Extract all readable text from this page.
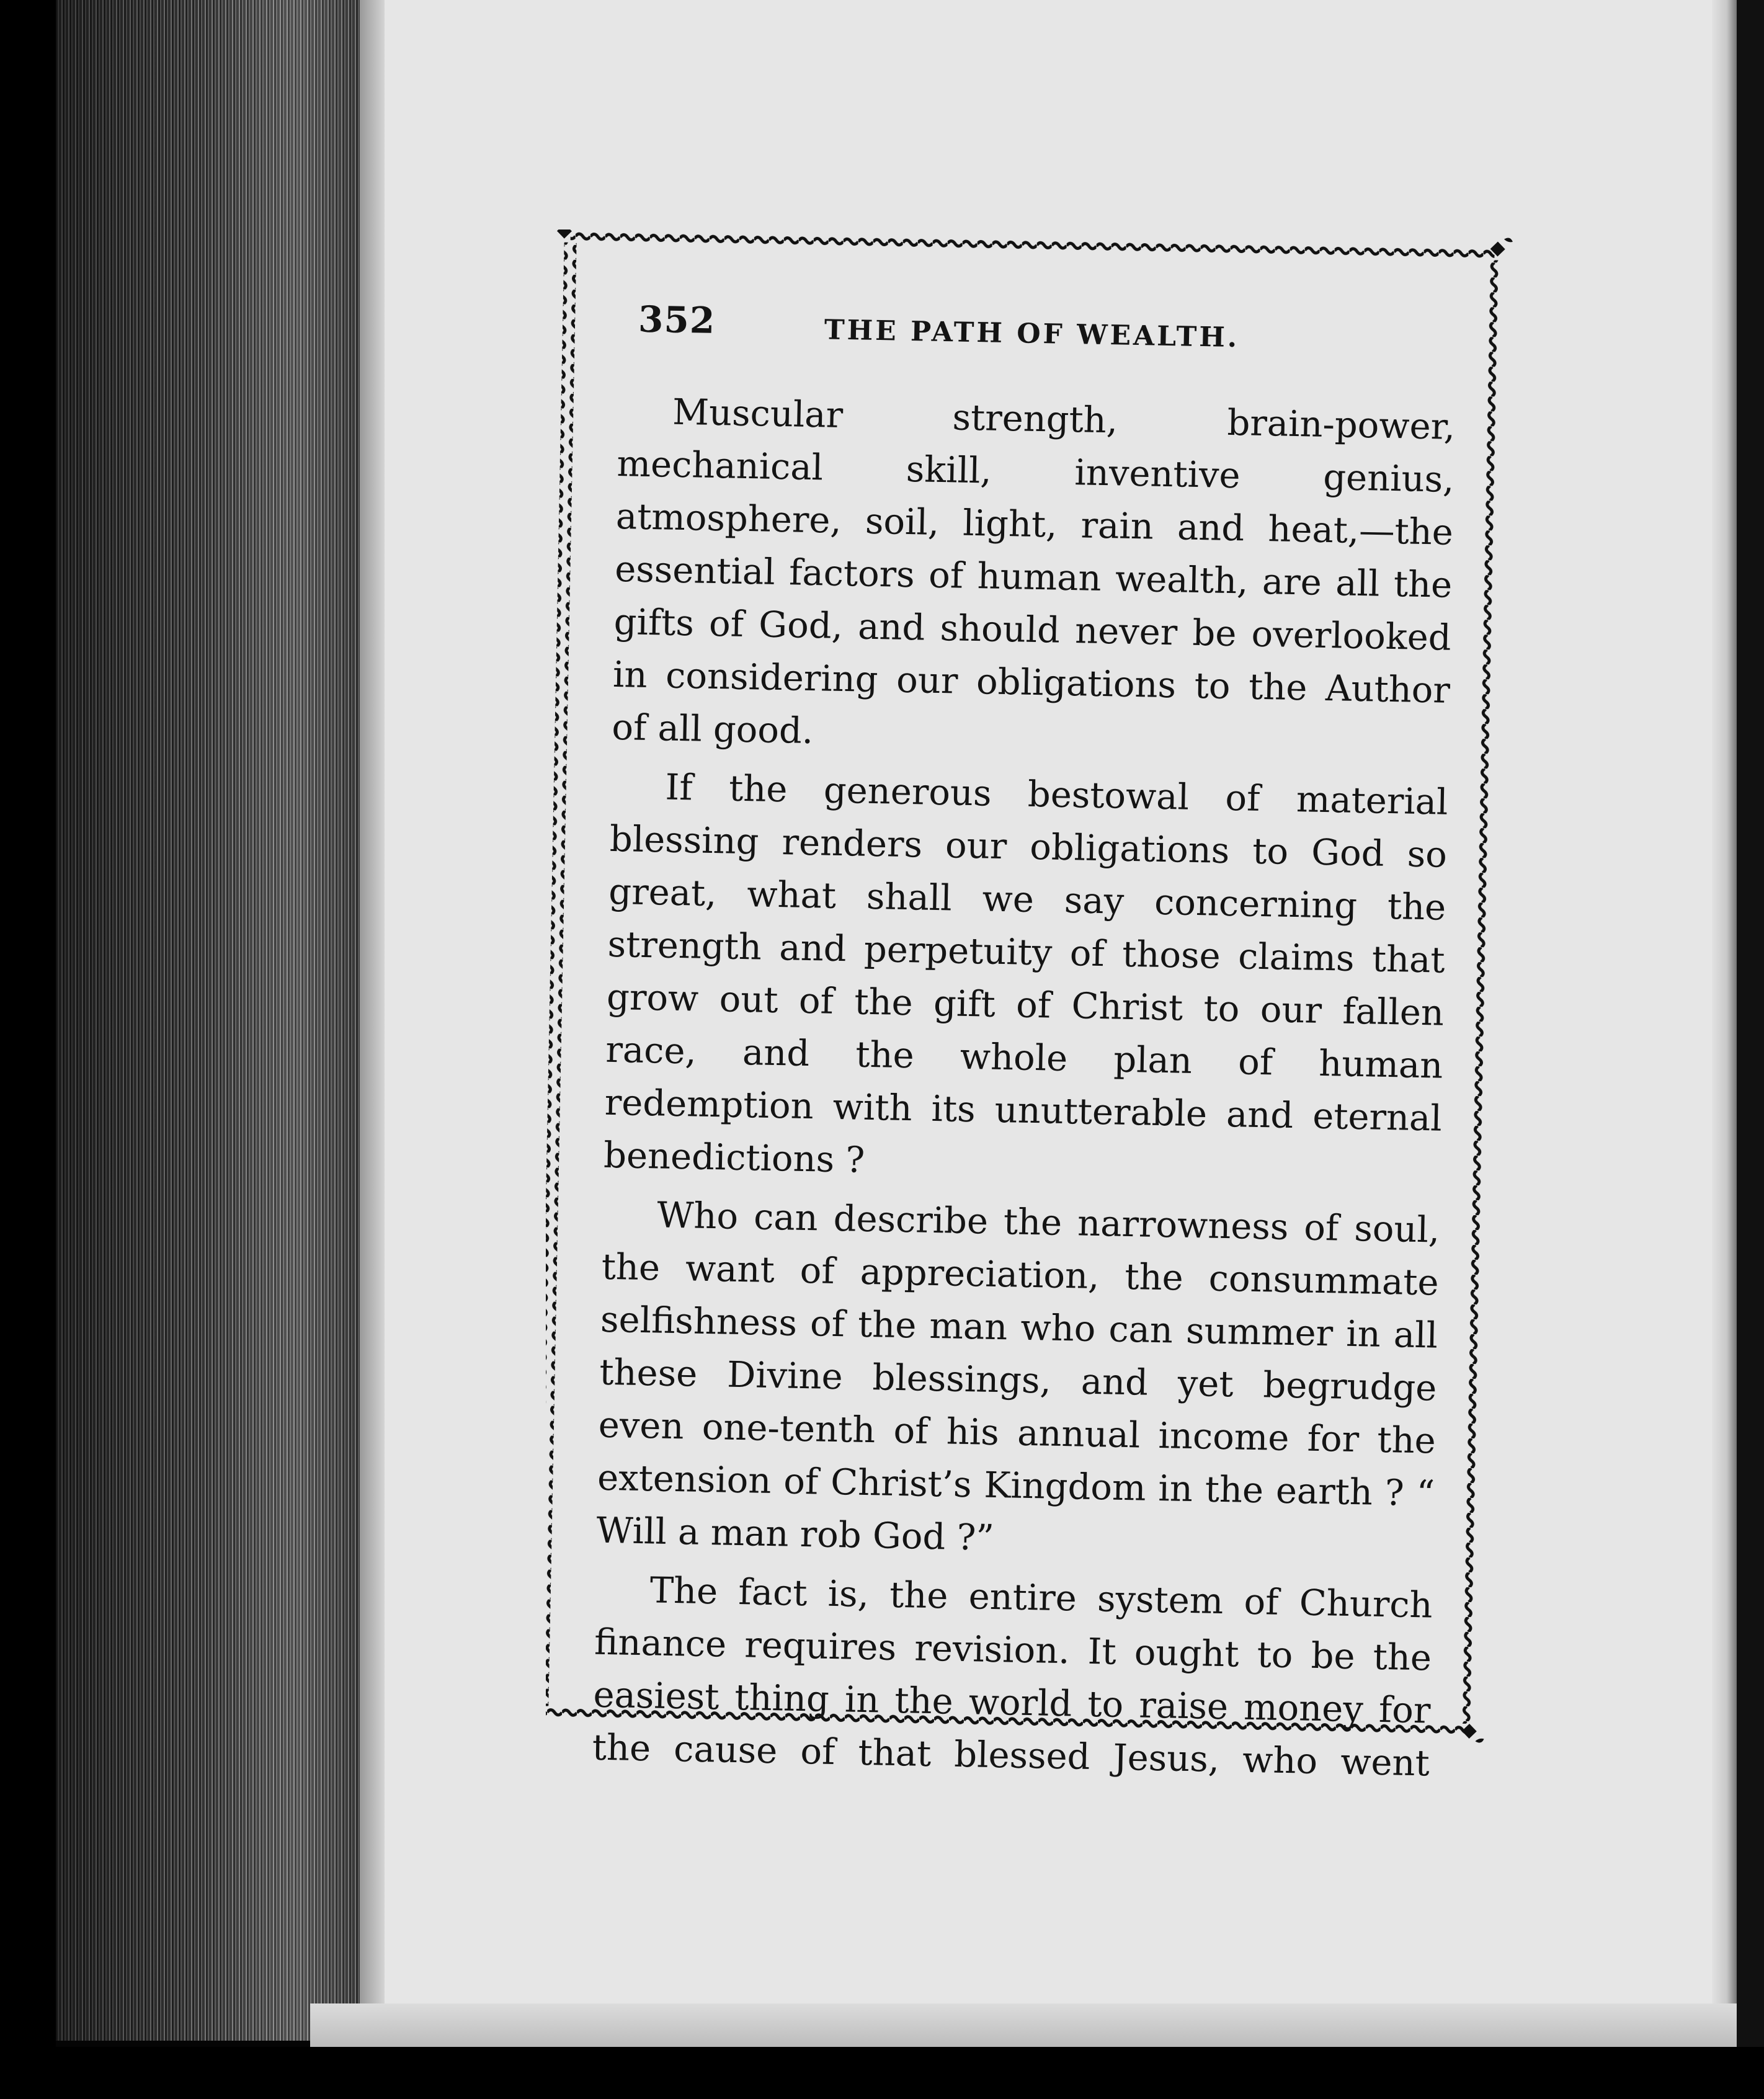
352	THE PATH OF WEALTH.

Muscular strength, brain-power, mechanical skill, inventive genius, atmosphere, soil, light, rain and heat,—the essential factors of human wealth, are all the gifts of God, and should never be overlooked in considering our obligations to the Author of all good.

If the generous bestowal of material blessing renders our obligations to God so great, what shall we say concerning the strength and perpetuity of those claims that grow out of the gift of Christ to our fallen race, and the whole plan of human redemption with its unutterable and eternal benedictions ?

Who can describe the narrowness of soul, the want of appreciation, the consummate selfishness of the man who can summer in all these Divine blessings, and yet begrudge even one-tenth of his annual income for the extension of Christ’s Kingdom in the earth ? “ Will a man rob God ?”

The fact is, the entire system of Church finance requires revision. It ought to be the easiest thing in the world to raise money for the cause of that blessed Jesus, who went
